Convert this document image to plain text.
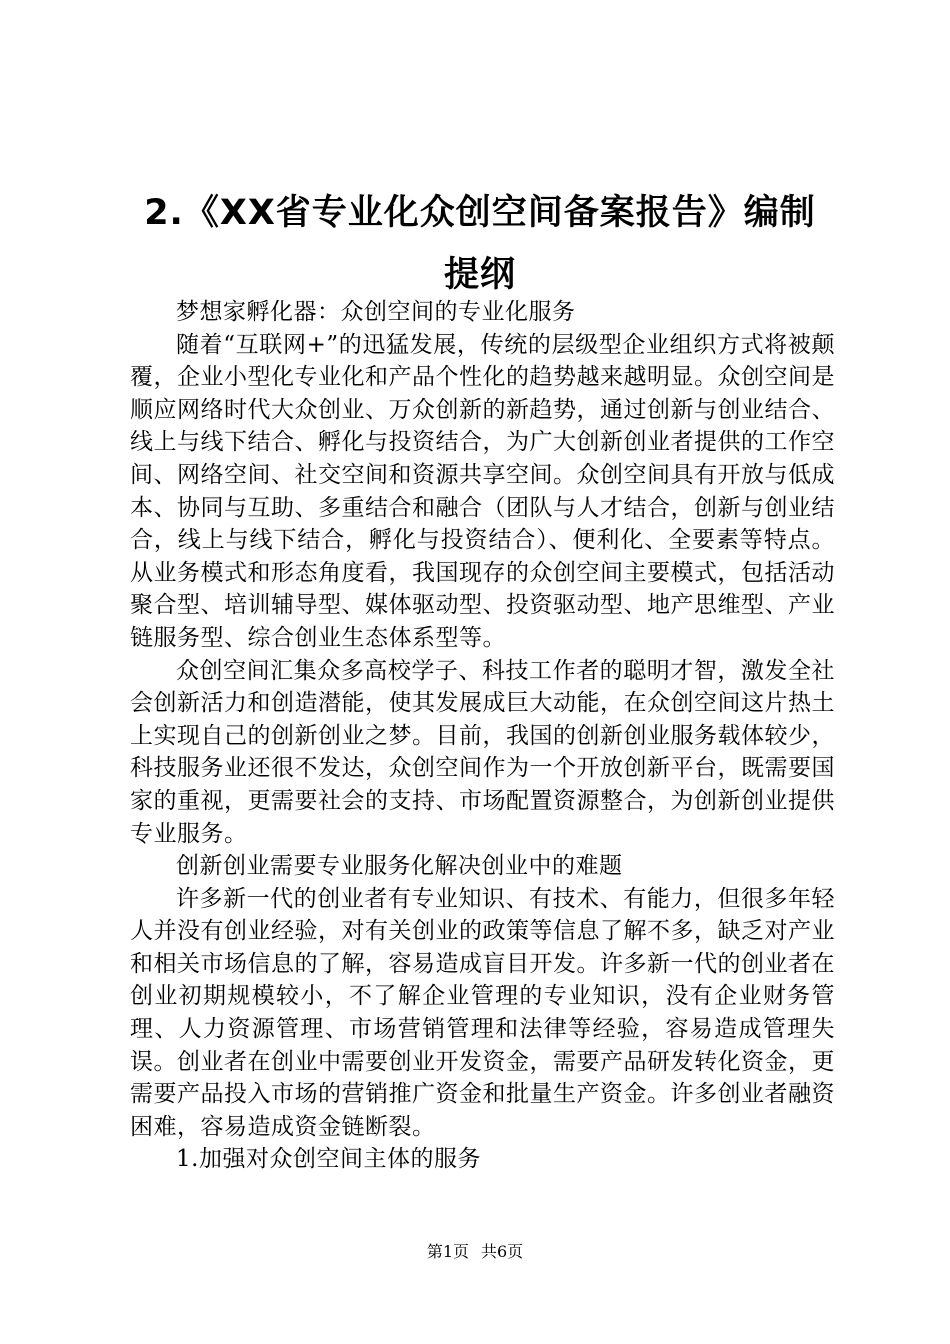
2.《XX省专业化众创空间备案报告》编制提纲

梦想家孵化器：众创空间的专业化服务

随着“互联网+”的迅猛发展，传统的层级型企业组织方式将被颠覆，企业小型化专业化和产品个性化的趋势越来越明显。众创空间是顺应网络时代大众创业、万众创新的新趋势，通过创新与创业结合、线上与线下结合、孵化与投资结合，为广大创新创业者提供的工作空间、网络空间、社交空间和资源共享空间。众创空间具有开放与低成本、协同与互助、多重结合和融合（团队与人才结合，创新与创业结合，线上与线下结合，孵化与投资结合）、便利化、全要素等特点。从业务模式和形态角度看，我国现存的众创空间主要模式，包括活动聚合型、培训辅导型、媒体驱动型、投资驱动型、地产思维型、产业链服务型、综合创业生态体系型等。

众创空间汇集众多高校学子、科技工作者的聪明才智，激发全社会创新活力和创造潜能，使其发展成巨大动能，在众创空间这片热土上实现自己的创新创业之梦。目前，我国的创新创业服务载体较少，科技服务业还很不发达，众创空间作为一个开放创新平台，既需要国家的重视，更需要社会的支持、市场配置资源整合，为创新创业提供专业服务。

创新创业需要专业服务化解决创业中的难题

许多新一代的创业者有专业知识、有技术、有能力，但很多年轻人并没有创业经验，对有关创业的政策等信息了解不多，缺乏对产业和相关市场信息的了解，容易造成盲目开发。许多新一代的创业者在创业初期规模较小，不了解企业管理的专业知识，没有企业财务管理、人力资源管理、市场营销管理和法律等经验，容易造成管理失误。创业者在创业中需要创业开发资金，需要产品研发转化资金，更需要产品投入市场的营销推广资金和批量生产资金。许多创业者融资困难，容易造成资金链断裂。

1.加强对众创空间主体的服务

第1页 共6页
